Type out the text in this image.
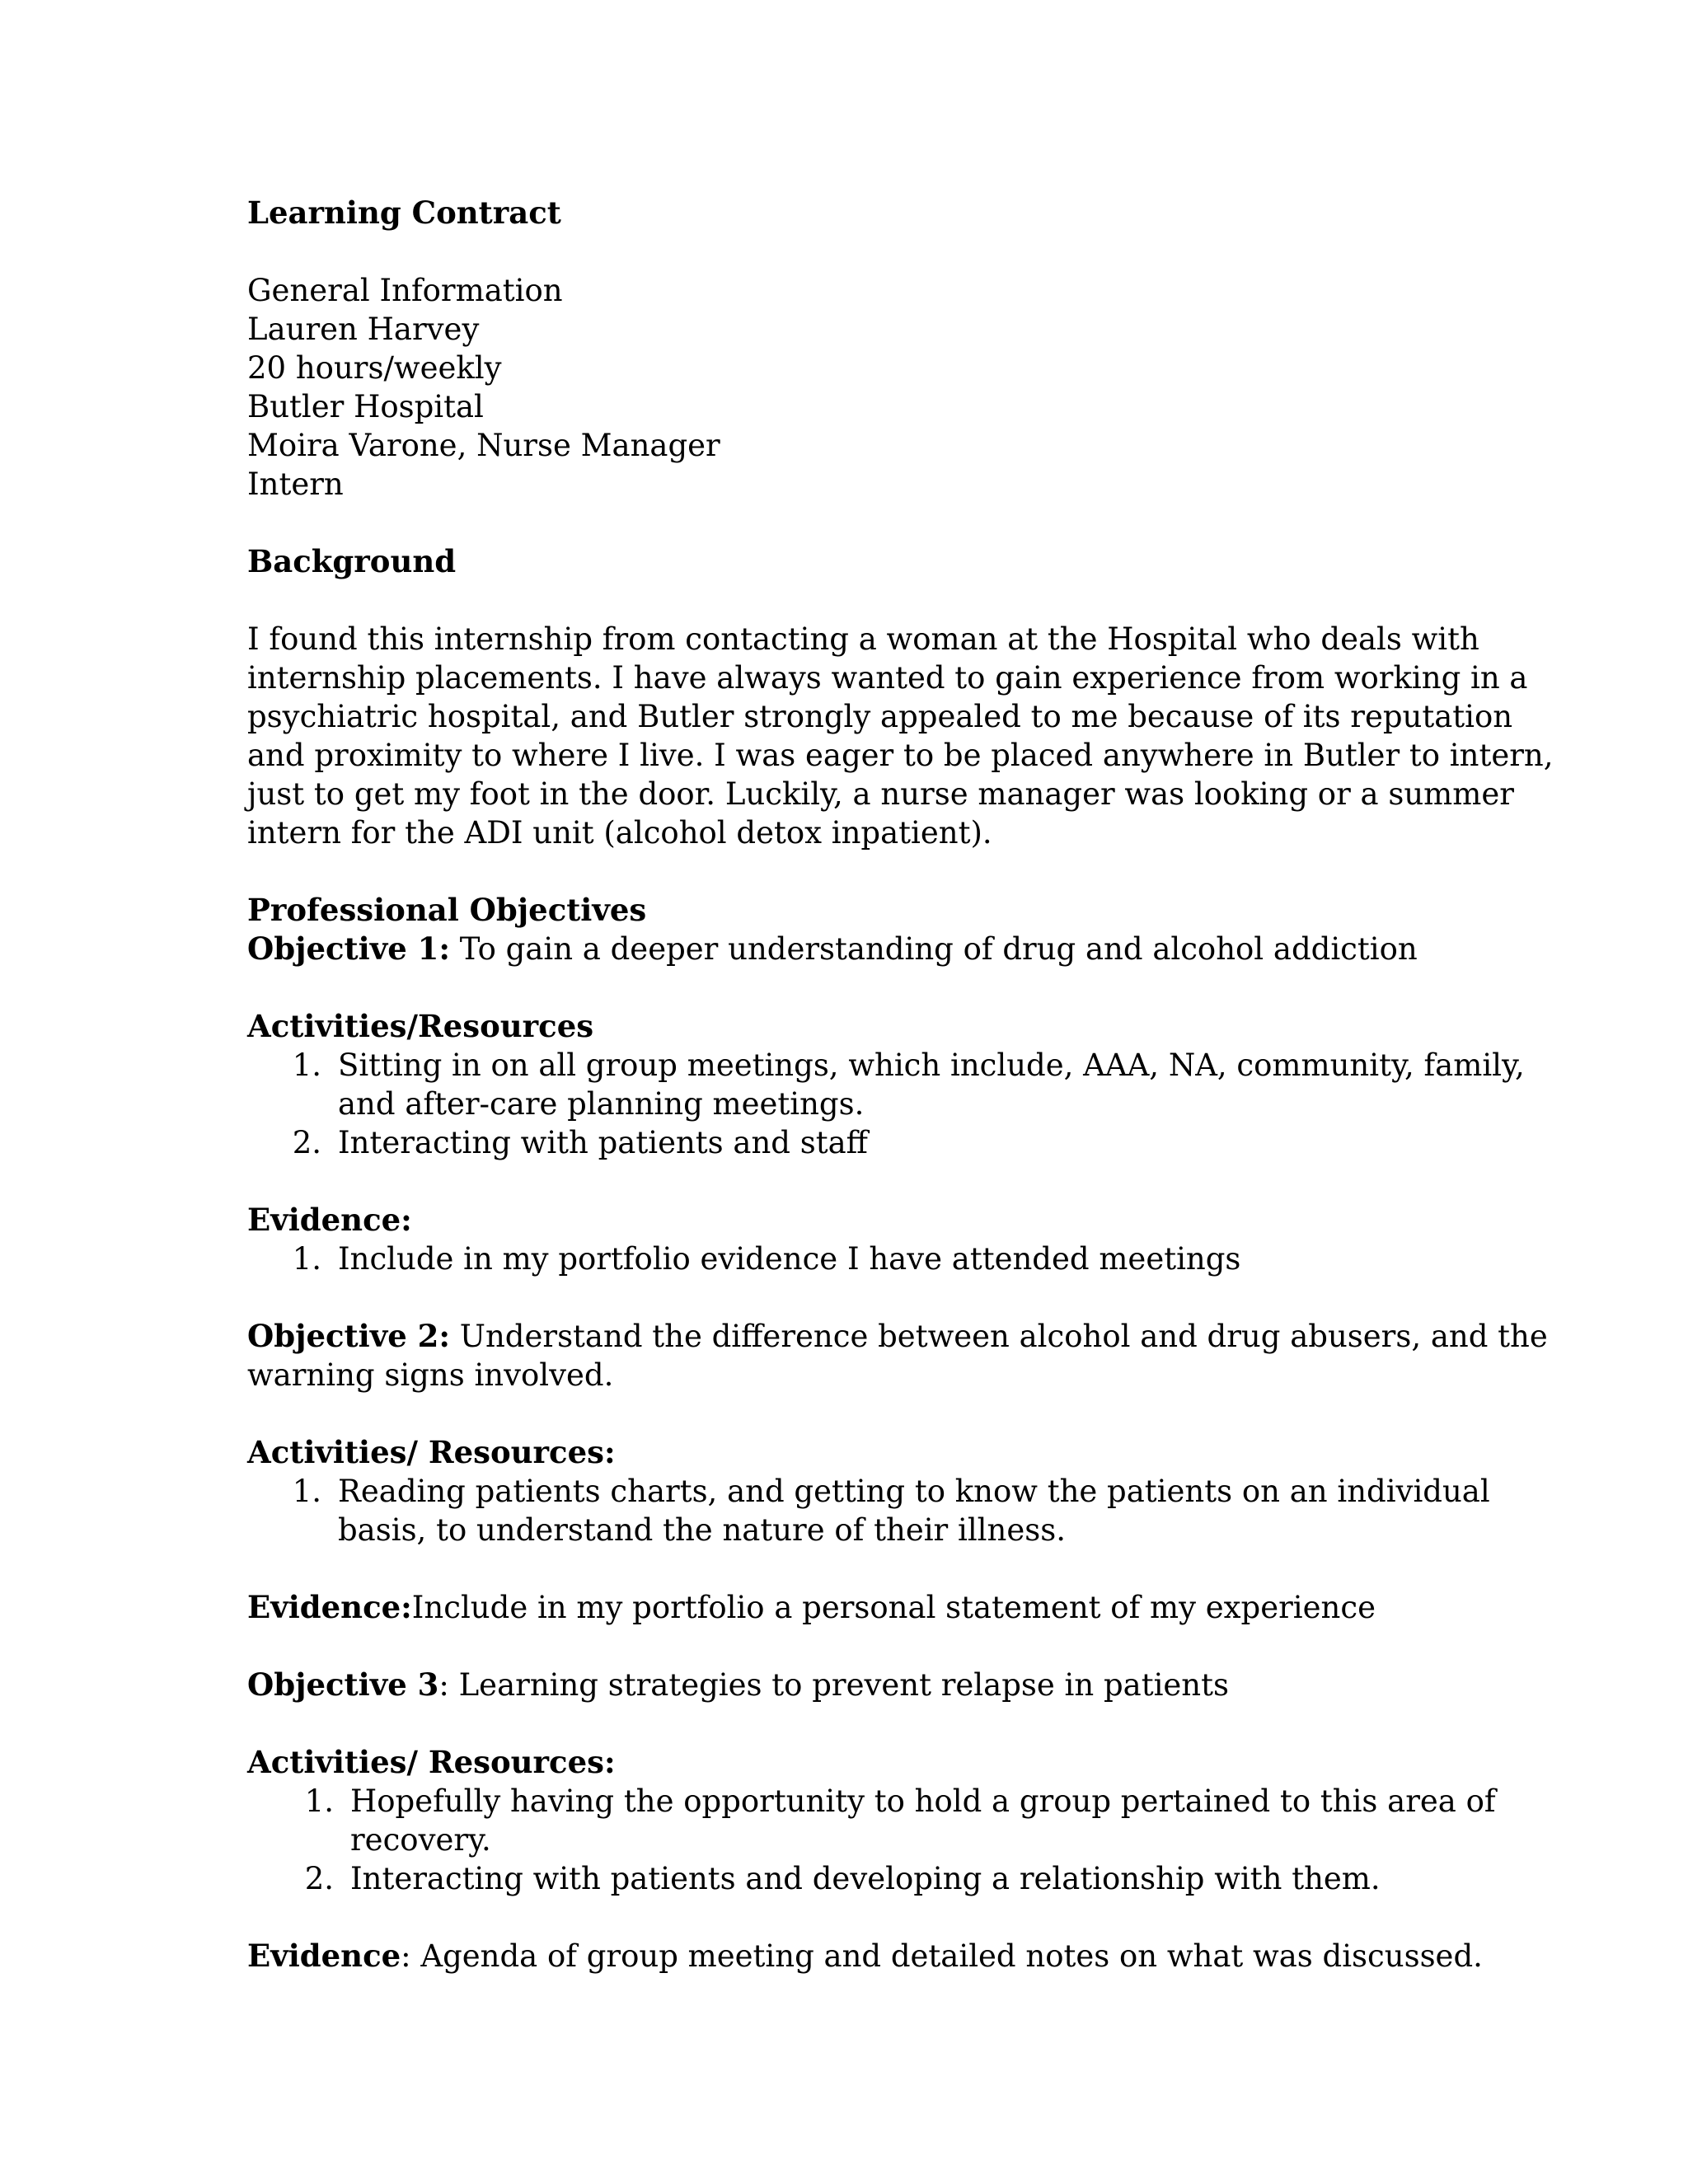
Learning Contract
General Information
Lauren Harvey
20 hours/weekly
Butler Hospital
Moira Varone, Nurse Manager
Intern
Background
I found this internship from contacting a woman at the Hospital who deals with
internship placements. I have always wanted to gain experience from working in a
psychiatric hospital, and Butler strongly appealed to me because of its reputation
and proximity to where I live. I was eager to be placed anywhere in Butler to intern,
just to get my foot in the door. Luckily, a nurse manager was looking or a summer
intern for the ADI unit (alcohol detox inpatient).
Professional Objectives
Objective 1: To gain a deeper understanding of drug and alcohol addiction
Activities/Resources
1. Sitting in on all group meetings, which include, AAA, NA, community, family,
and after-care planning meetings.
2. Interacting with patients and staff
Evidence:
1. Include in my portfolio evidence I have attended meetings
Objective 2: Understand the difference between alcohol and drug abusers, and the
warning signs involved.
Activities/ Resources:
1. Reading patients charts, and getting to know the patients on an individual
basis, to understand the nature of their illness.
Evidence:Include in my portfolio a personal statement of my experience
Objective 3: Learning strategies to prevent relapse in patients
Activities/ Resources:
1. Hopefully having the opportunity to hold a group pertained to this area of
recovery.
2. Interacting with patients and developing a relationship with them.
Evidence: Agenda of group meeting and detailed notes on what was discussed.
